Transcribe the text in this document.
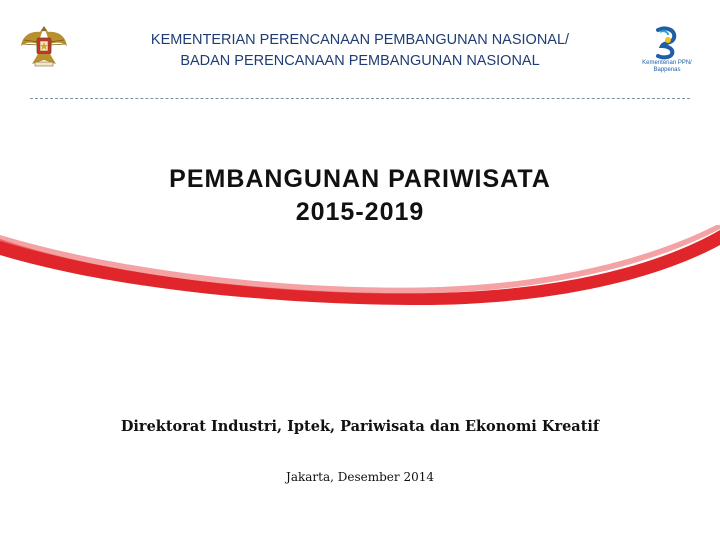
KEMENTERIAN PERENCANAAN PEMBANGUNAN NASIONAL/
BADAN PERENCANAAN PEMBANGUNAN NASIONAL	Kementerian PPN/
Bappenas
PEMBANGUNAN PARIWISATA
2015-2019
Direktorat Industri, Iptek, Pariwisata dan Ekonomi Kreatif
Jakarta, Desember 2014
